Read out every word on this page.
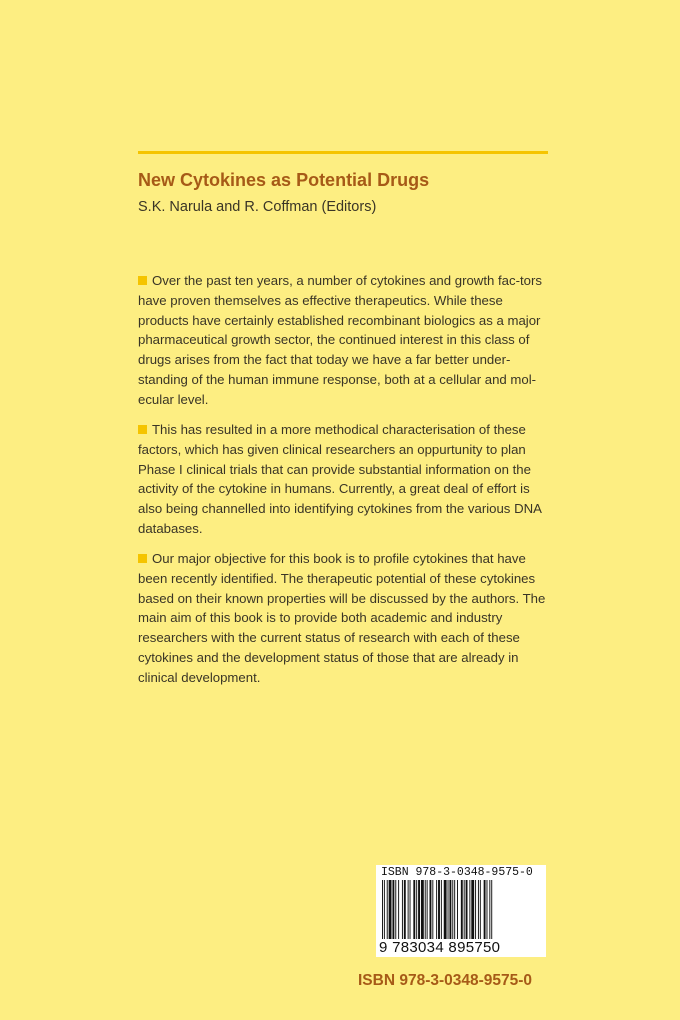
New Cytokines as Potential Drugs
S.K. Narula and R. Coffman (Editors)

Over the past ten years, a number of cytokines and growth fac-tors have proven themselves as effective therapeutics. While these products have certainly established recombinant biologics as a major pharmaceutical growth sector, the continued interest in this class of drugs arises from the fact that today we have a far better under-standing of the human immune response, both at a cellular and mol-ecular level.

This has resulted in a more methodical characterisation of these factors, which has given clinical researchers an oppurtunity to plan Phase I clinical trials that can provide substantial information on the activity of the cytokine in humans. Currently, a great deal of effort is also being channelled into identifying cytokines from the various DNA databases.

Our major objective for this book is to profile cytokines that have been recently identified. The therapeutic potential of these cytokines based on their known properties will be discussed by the authors. The main aim of this book is to provide both academic and industry researchers with the current status of research with each of these cytokines and the development status of those that are already in clinical development.

ISBN 978-3-0348-9575-0
9 783034 895750
ISBN 978-3-0348-9575-0
